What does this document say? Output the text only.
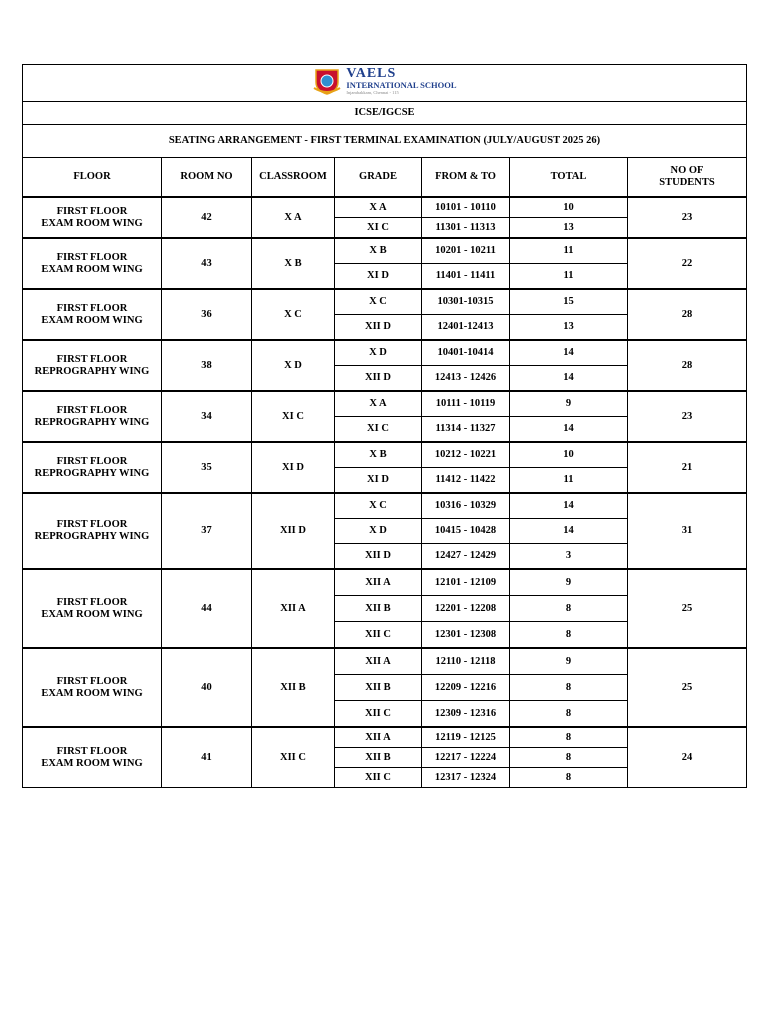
VAELS
INTERNATIONAL SCHOOL
Injambakkam, Chennai - 115						

ICSE/IGCSE						
SEATING ARRANGEMENT - FIRST TERMINAL EXAMINATION (JULY/AUGUST 2025 26)						
FLOOR	ROOM NO	CLASSROOM	GRADE	FROM & TO	TOTAL	NO OF STUDENTS

FIRST FLOOR
EXAM ROOM WING	42	X A	X A	10101 - 10110	10	23
			XI C	11301 - 11313	13	

FIRST FLOOR
EXAM ROOM WING	43	X B	X B	10201 - 10211	11	22
			XI D	11401 - 11411	11	

FIRST FLOOR
EXAM ROOM WING	36	X C	X C	10301-10315	15	28
			XII D	12401-12413	13	

FIRST FLOOR
REPROGRAPHY WING	38	X D	X D	10401-10414	14	28
			XII D	12413 - 12426	14	

FIRST FLOOR
REPROGRAPHY WING	34	XI C	X A	10111 - 10119	9	23
			XI C	11314 - 11327	14	

FIRST FLOOR
REPROGRAPHY WING	35	XI D	X B	10212 - 10221	10	21
			XI D	11412 - 11422	11	

FIRST FLOOR
REPROGRAPHY WING	37	XII D	X C	10316 - 10329	14	31
			X D	10415 - 10428	14	
			XII D	12427 - 12429	3	

FIRST FLOOR
EXAM ROOM WING	44	XII A	XII A	12101 - 12109	9	25
			XII B	12201 - 12208	8	
			XII C	12301 - 12308	8	

FIRST FLOOR
EXAM ROOM WING	40	XII B	XII A	12110 - 12118	9	25
			XII B	12209 - 12216	8	
			XII C	12309 - 12316	8	

FIRST FLOOR
EXAM ROOM WING	41	XII C	XII A	12119 - 12125	8	24
			XII B	12217 - 12224	8	
			XII C	12317 - 12324	8	
